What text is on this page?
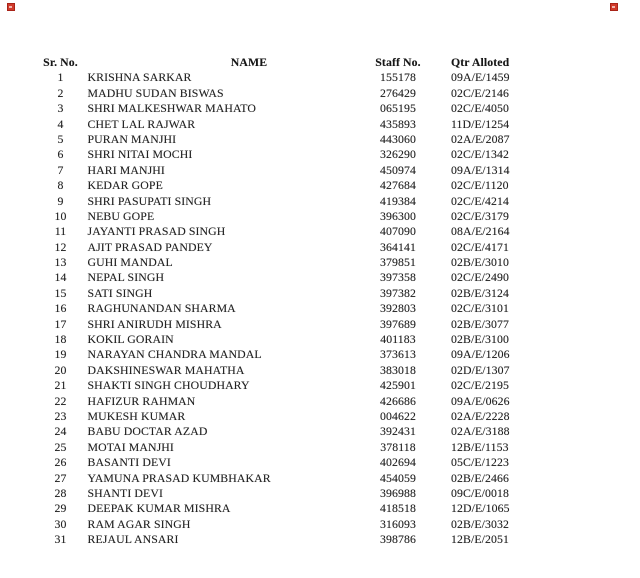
Sr. No.	NAME	Staff No.	Qtr Alloted
1	KRISHNA SARKAR	155178	09A/E/1459
2	MADHU SUDAN BISWAS	276429	02C/E/2146
3	SHRI MALKESHWAR MAHATO	065195	02C/E/4050
4	CHET LAL RAJWAR	435893	11D/E/1254
5	PURAN MANJHI	443060	02A/E/2087
6	SHRI NITAI MOCHI	326290	02C/E/1342
7	HARI MANJHI	450974	09A/E/1314
8	KEDAR GOPE	427684	02C/E/1120
9	SHRI PASUPATI SINGH	419384	02C/E/4214
10	NEBU GOPE	396300	02C/E/3179
11	JAYANTI PRASAD SINGH	407090	08A/E/2164
12	AJIT PRASAD PANDEY	364141	02C/E/4171
13	GUHI MANDAL	379851	02B/E/3010
14	NEPAL SINGH	397358	02C/E/2490
15	SATI SINGH	397382	02B/E/3124
16	RAGHUNANDAN SHARMA	392803	02C/E/3101
17	SHRI ANIRUDH MISHRA	397689	02B/E/3077
18	KOKIL GORAIN	401183	02B/E/3100
19	NARAYAN CHANDRA MANDAL	373613	09A/E/1206
20	DAKSHINESWAR MAHATHA	383018	02D/E/1307
21	SHAKTI SINGH CHOUDHARY	425901	02C/E/2195
22	HAFIZUR RAHMAN	426686	09A/E/0626
23	MUKESH KUMAR	004622	02A/E/2228
24	BABU DOCTAR AZAD	392431	02A/E/3188
25	MOTAI MANJHI	378118	12B/E/1153
26	BASANTI DEVI	402694	05C/E/1223
27	YAMUNA PRASAD KUMBHAKAR	454059	02B/E/2466
28	SHANTI DEVI	396988	09C/E/0018
29	DEEPAK KUMAR MISHRA	418518	12D/E/1065
30	RAM AGAR SINGH	316093	02B/E/3032
31	REJAUL ANSARI	398786	12B/E/2051
